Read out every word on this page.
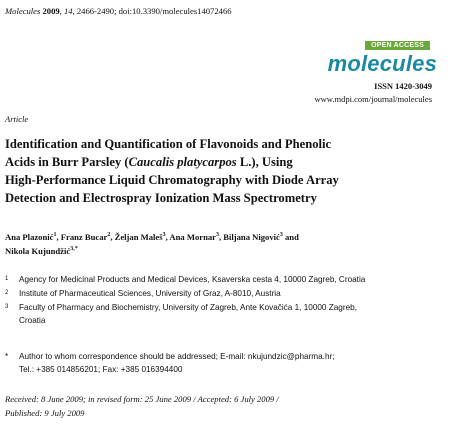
Molecules 2009, 14, 2466-2490; doi:10.3390/molecules14072466
OPEN ACCESS
molecules
ISSN 1420-3049
www.mdpi.com/journal/molecules
Article
Identification and Quantification of Flavonoids and Phenolic
Acids in Burr Parsley (Caucalis platycarpos L.), Using
High-Performance Liquid Chromatography with Diode Array
Detection and Electrospray Ionization Mass Spectrometry
Ana Plazonić$^1$, Franz Bucar$^2$, Željan Maleš$^3$, Ana Mornar$^3$, Biljana Nigović$^3$ and
Nikola Kujundžić$^{3,*}$
1 Agency for Medicinal Products and Medical Devices, Ksaverska cesta 4, 10000 Zagreb, Croatia
2 Institute of Pharmaceutical Sciences, University of Graz, A-8010, Austria
3 Faculty of Pharmacy and Biochemistry, University of Zagreb, Ante Kovačića 1, 10000 Zagreb,
Croatia
* Author to whom correspondence should be addressed; E-mail: nkujundzic@pharma.hr;
Tel.: +385 014856201; Fax: +385 016394400
Received: 8 June 2009; in revised form: 25 June 2009 / Accepted: 6 July 2009 /
Published: 9 July 2009
